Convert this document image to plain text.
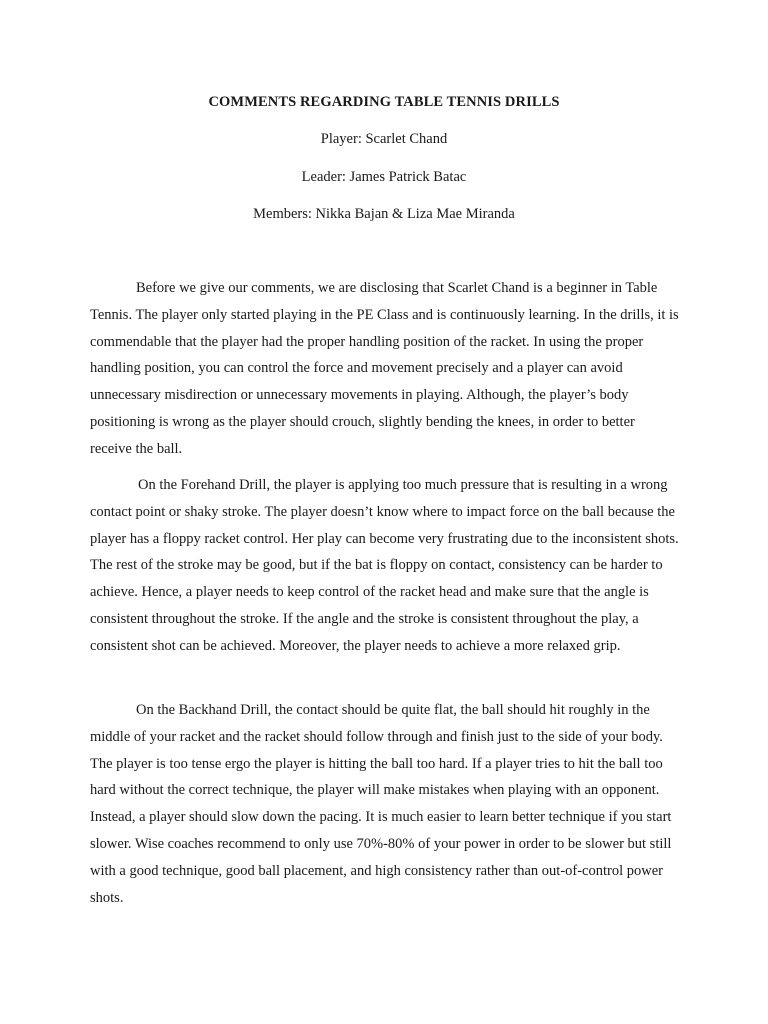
COMMENTS REGARDING TABLE TENNIS DRILLS

Player: Scarlet Chand

Leader: James Patrick Batac

Members: Nikka Bajan & Liza Mae Miranda

Before we give our comments, we are disclosing that Scarlet Chand is a beginner in Table Tennis. The player only started playing in the PE Class and is continuously learning. In the drills, it is commendable that the player had the proper handling position of the racket. In using the proper handling position, you can control the force and movement precisely and a player can avoid unnecessary misdirection or unnecessary movements in playing. Although, the player’s body positioning is wrong as the player should crouch, slightly bending the knees, in order to better receive the ball.

On the Forehand Drill, the player is applying too much pressure that is resulting in a wrong contact point or shaky stroke. The player doesn’t know where to impact force on the ball because the player has a floppy racket control. Her play can become very frustrating due to the inconsistent shots. The rest of the stroke may be good, but if the bat is floppy on contact, consistency can be harder to achieve. Hence, a player needs to keep control of the racket head and make sure that the angle is consistent throughout the stroke. If the angle and the stroke is consistent throughout the play, a consistent shot can be achieved. Moreover, the player needs to achieve a more relaxed grip.

On the Backhand Drill, the contact should be quite flat, the ball should hit roughly in the middle of your racket and the racket should follow through and finish just to the side of your body. The player is too tense ergo the player is hitting the ball too hard. If a player tries to hit the ball too hard without the correct technique, the player will make mistakes when playing with an opponent. Instead, a player should slow down the pacing. It is much easier to learn better technique if you start slower. Wise coaches recommend to only use 70%-80% of your power in order to be slower but still with a good technique, good ball placement, and high consistency rather than out-of-control power shots.
